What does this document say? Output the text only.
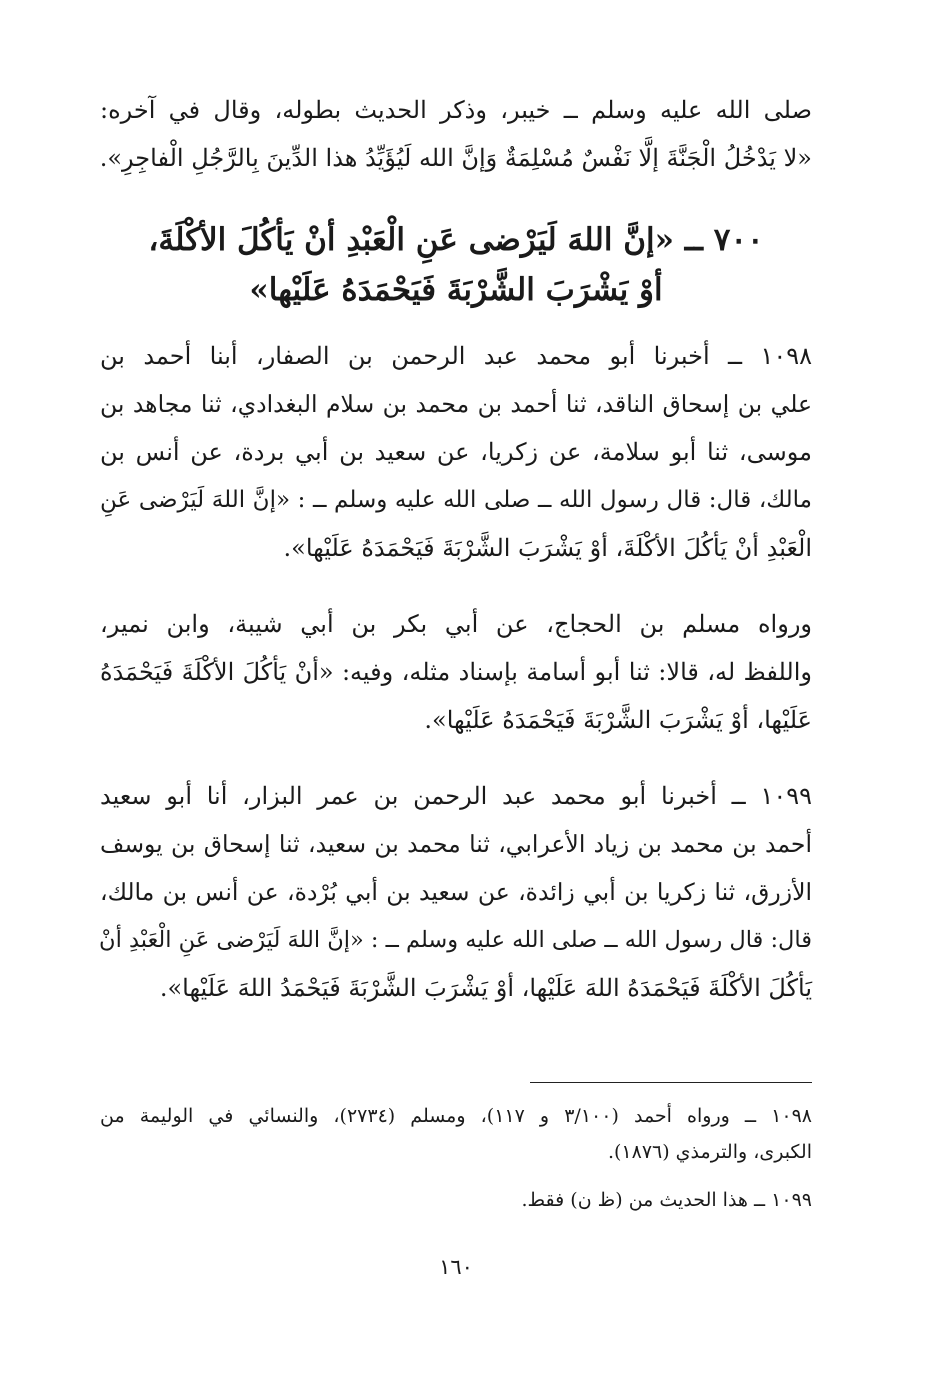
صلى الله عليه وسلم ــ خيبر، وذكر الحديث بطوله، وقال في آخره:
«لا يَدْخُلُ الْجَنَّةَ إلَّا نَفْسٌ مُسْلِمَةٌ وَإنَّ الله لَيُؤَيِّدُ هذا الدِّينَ بِالرَّجُلِ الْفاجِرِ».
٧٠٠ ــ «إنَّ اللهَ لَيَرْضى عَنِ الْعَبْدِ أنْ يَأكُلَ الأكْلَةَ،
أوْ يَشْرَبَ الشَّرْبَةَ فَيَحْمَدَهُ عَلَيْها»
١٠٩٨ ــ أخبرنا أبو محمد عبد الرحمن بن الصفار، أبنا أحمد بن
علي بن إسحاق الناقد، ثنا أحمد بن محمد بن سلام البغدادي، ثنا مجاهد بن
موسى، ثنا أبو سلامة، عن زكريا، عن سعيد بن أبي بردة، عن أنس بن
مالك، قال: قال رسول الله ــ صلى الله عليه وسلم ــ : «إنَّ اللهَ لَيَرْضى عَنِ
الْعَبْدِ أنْ يَأكُلَ الأكْلَةَ، أوْ يَشْرَبَ الشَّرْبَةَ فَيَحْمَدَهُ عَلَيْها».
ورواه مسلم بن الحجاج، عن أبي بكر بن أبي شيبة، وابن نمير،
واللفظ له، قالا: ثنا أبو أسامة بإسناد مثله، وفيه: «أنْ يَأكُلَ الأكْلَةَ فَيَحْمَدَهُ
عَلَيْها، أوْ يَشْرَبَ الشَّرْبَةَ فَيَحْمَدَهُ عَلَيْها».
١٠٩٩ ــ أخبرنا أبو محمد عبد الرحمن بن عمر البزار، أنا أبو سعيد
أحمد بن محمد بن زياد الأعرابي، ثنا محمد بن سعيد، ثنا إسحاق بن يوسف
الأزرق، ثنا زكريا بن أبي زائدة، عن سعيد بن أبي بُرْدة، عن أنس بن مالك،
قال: قال رسول الله ــ صلى الله عليه وسلم ــ : «إنَّ اللهَ لَيَرْضى عَنِ الْعَبْدِ أنْ
يَأكُلَ الأكْلَةَ فَيَحْمَدَهُ اللهَ عَلَيْها، أوْ يَشْرَبَ الشَّرْبَةَ فَيَحْمَدُ اللهَ عَلَيْها».
١٠٩٨ ــ ورواه أحمد (٣/١٠٠ و ١١٧)، ومسلم (٢٧٣٤)، والنسائي في الوليمة من
الكبرى، والترمذي (١٨٧٦).
١٠٩٩ ــ هذا الحديث من (ظ ن) فقط.
١٦٠
